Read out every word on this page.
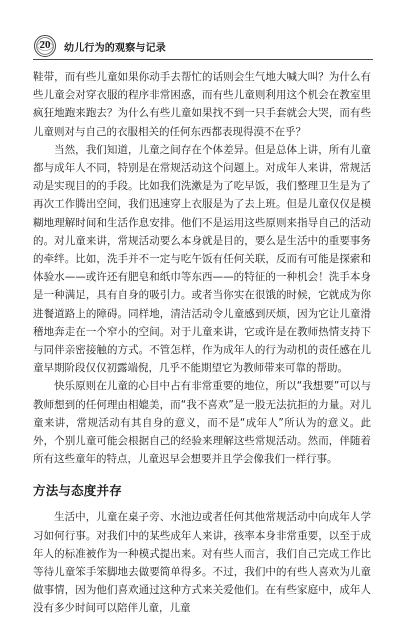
20	幼儿行为的观察与记录

鞋带，而有些儿童如果你动手去帮忙的话则会生气地大喊大叫？为什么有些儿童会对穿衣服的程序非常困惑，而有些儿童则利用这个机会在教室里疯狂地跑来跑去？为什么有些儿童如果找不到一只手套就会大哭，而有些儿童则对与自己的衣服相关的任何东西都表现得漠不在乎？

当然，我们知道，儿童之间存在个体差异。但是总体上讲，所有儿童都与成年人不同，特别是在常规活动这个问题上。对成年人来讲，常规活动是实现目的的手段。比如我们洗漱是为了吃早饭，我们整理卫生是为了再次工作腾出空间，我们迅速穿上衣服是为了去上班。但是儿童仅仅是模糊地理解时间和生活作息安排。他们不是运用这些原则来指导自己的活动的。对儿童来讲，常规活动要么本身就是目的，要么是生活中的重要事务的牵绊。比如，洗手并不一定与吃午饭有任何关联，反而有可能是探索和体验水——或许还有肥皂和纸巾等东西——的特征的一种机会！洗手本身是一种满足，具有自身的吸引力。或者当你实在很饿的时候，它就成为你进餐道路上的障碍。同样地，清洁活动令儿童感到厌烦，因为它让儿童滑稽地奔走在一个窄小的空间。对于儿童来讲，它或许是在教师热情支持下与同伴亲密接触的方式。不管怎样，作为成年人的行为动机的责任感在儿童早期阶段仅仅初露端倪，几乎不能期望它为教师带来可靠的帮助。

快乐原则在儿童的心目中占有非常重要的地位，所以“我想要”可以与教师想到的任何理由相媲美，而“我不喜欢”是一股无法抗拒的力量。对儿童来讲，常规活动有其自身的意义，而不是“成年人”所认为的意义。此外，个别儿童可能会根据自己的经验来理解这些常规活动。然而，伴随着所有这些童年的特点，儿童迟早会想要并且学会像我们一样行事。

方法与态度并存

生活中，儿童在桌子旁、水池边或者任何其他常规活动中向成年人学习如何行事。对我们中的某些成年人来讲，孩率本身非常重要，以至于成年人的标准被作为一种模式提出来。对有些人而言，我们自己完成工作比等待儿童笨手笨脚地去做要简单得多。不过，我们中的有些人喜欢为儿童做事情，因为他们喜欢通过这种方式来关爱他们。在有些家庭中，成年人没有多少时间可以陪伴儿童，儿童
